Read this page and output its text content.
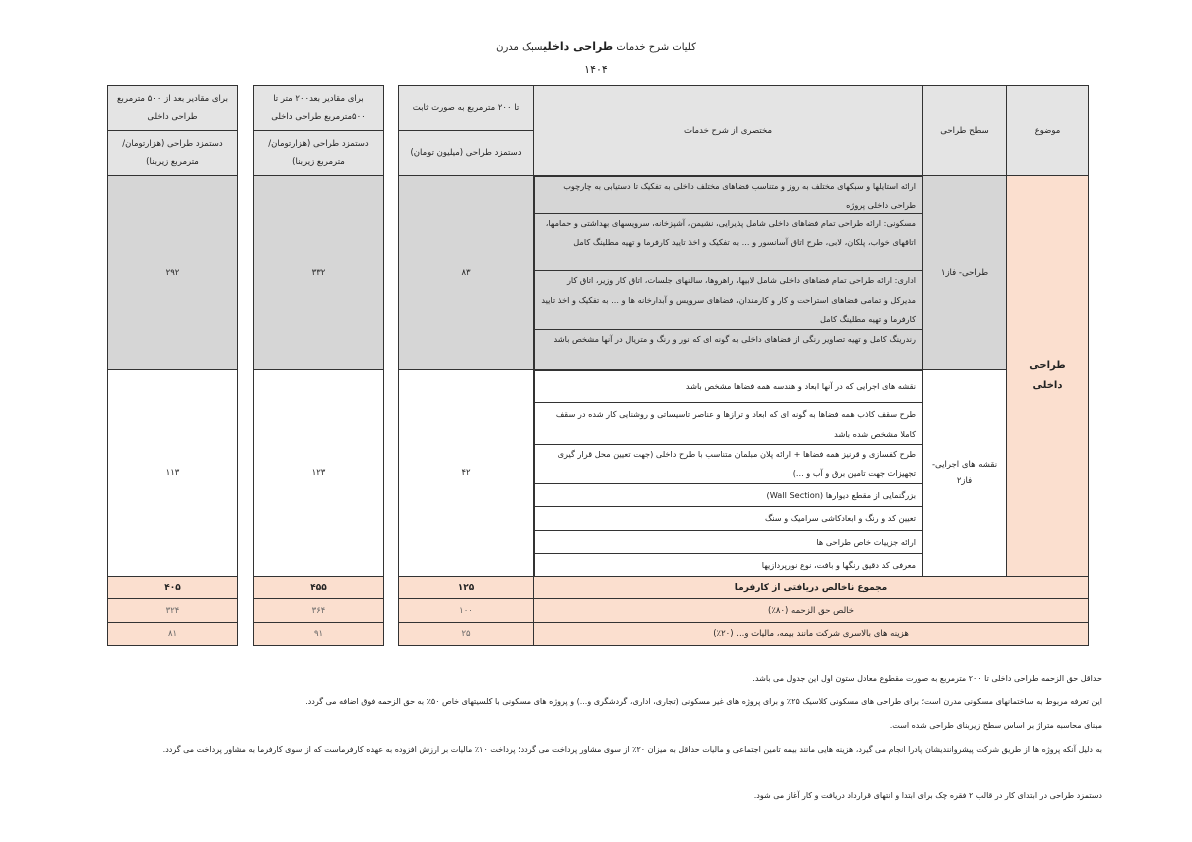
کلیات شرح خدمات طراحی داخلیسبک مدرن
۱۴۰۴
موضوع
سطح طراحی
مختصری از شرح خدمات
تا ۲۰۰ مترمربع به صورت ثابت
دستمزد طراحی (میلیون تومان)
برای مقادیر بعد۲۰۰ متر تا ۵۰۰مترمربع طراحی داخلی
دستمزد طراحی (هزارتومان/ مترمربع زیربنا)
برای مقادیر بعد از ۵۰۰ مترمربع طراحی داخلی
دستمزد طراحی (هزارتومان/ مترمربع زیربنا)
طراحی داخلی
طراحی- فاز۱
ارائه استایلها و سبکهای مختلف به روز و متناسب فضاهای مختلف داخلی به تفکیک تا دستیابی به چارچوب طراحی داخلی پروژه
مسکونی: ارائه طراحی تمام فضاهای داخلی شامل پذیرایی، نشیمن، آشپزخانه، سرویسهای بهداشتی و حمامها، اتاقهای خواب، پلکان، لابی، طرح اتاق آسانسور و ... به تفکیک و اخذ تایید کارفرما و تهیه مطلینگ کامل
اداری: ارائه طراحی تمام فضاهای داخلی شامل لابیها، راهروها، سالنهای جلسات، اتاق کار وزیر، اتاق کار مدیرکل و تمامی فضاهای استراحت و کار و کارمندان، فضاهای سرویس و آبدارخانه ها و ... به تفکیک و اخذ تایید کارفرما و تهیه مطلینگ کامل
رندرینگ کامل و تهیه تصاویر رنگی از فضاهای داخلی به گونه ای که نور و رنگ و متریال در آنها مشخص باشد
۸۳
۳۳۲
۲۹۲
نقشه های اجرایی- فاز۲
نقشه های اجرایی که در آنها ابعاد و هندسه همه فضاها مشخص باشد
طرح سقف کاذب همه فضاها به گونه ای که ابعاد و ترازها و عناصر تاسیساتی و روشنایی کار شده در سقف کاملا مشخص شده باشد
طرح کفسازی و قرنیز همه فضاها + ارائه پلان مبلمان متناسب با طرح داخلی (جهت تعیین محل قرار گیری تجهیزات جهت تامین برق و آب و ...)
بزرگنمایی از مقطع دیوارها (Wall Section)
تعیین کد و رنگ و ابعادکاشی سرامیک و سنگ
ارائه جزییات خاص طراحی ها
معرفی کد دقیق رنگها و بافت، نوع نورپردازیها
۴۲
۱۲۳
۱۱۳
مجموع ناخالص دریافتی از کارفرما
۱۲۵
۴۵۵
۴۰۵
خالص حق الزحمه (۸۰٪)
۱۰۰
۳۶۴
۳۲۴
هزینه های بالاسری شرکت مانند بیمه، مالیات و... (۲۰٪)
۲۵
۹۱
۸۱
حداقل حق الزحمه طراحی داخلی تا ۲۰۰ مترمربع به صورت مقطوع معادل ستون اول این جدول می باشد.
این تعرفه مربوط به ساختمانهای مسکونی مدرن است؛ برای طراحی های مسکونی کلاسیک ۲۵٪ و برای پروژه های غیر مسکونی (تجاری، اداری، گردشگری و...) و پروژه های مسکونی با کلسیتهای خاص ۵۰٪ به حق الزحمه فوق اضافه می گردد.
مبنای محاسبه متراژ بر اساس سطح زیربنای طراحی شده است.
به دلیل آنکه پروژه ها از طریق شرکت پیشروانندیشان پادرا انجام می گیرد، هزینه هایی مانند بیمه تامین اجتماعی و مالیات حداقل به میزان ۲۰٪ از سوی مشاور پرداخت می گردد؛ پرداخت ۱۰٪ مالیات بر ارزش افزوده به عهده کارفرماست که از سوی کارفرما به مشاور پرداخت می گردد.
دستمزد طراحی در ابتدای کار در قالب ۲ فقره چک برای ابتدا و انتهای قرارداد دریافت و کار آغاز می شود.
